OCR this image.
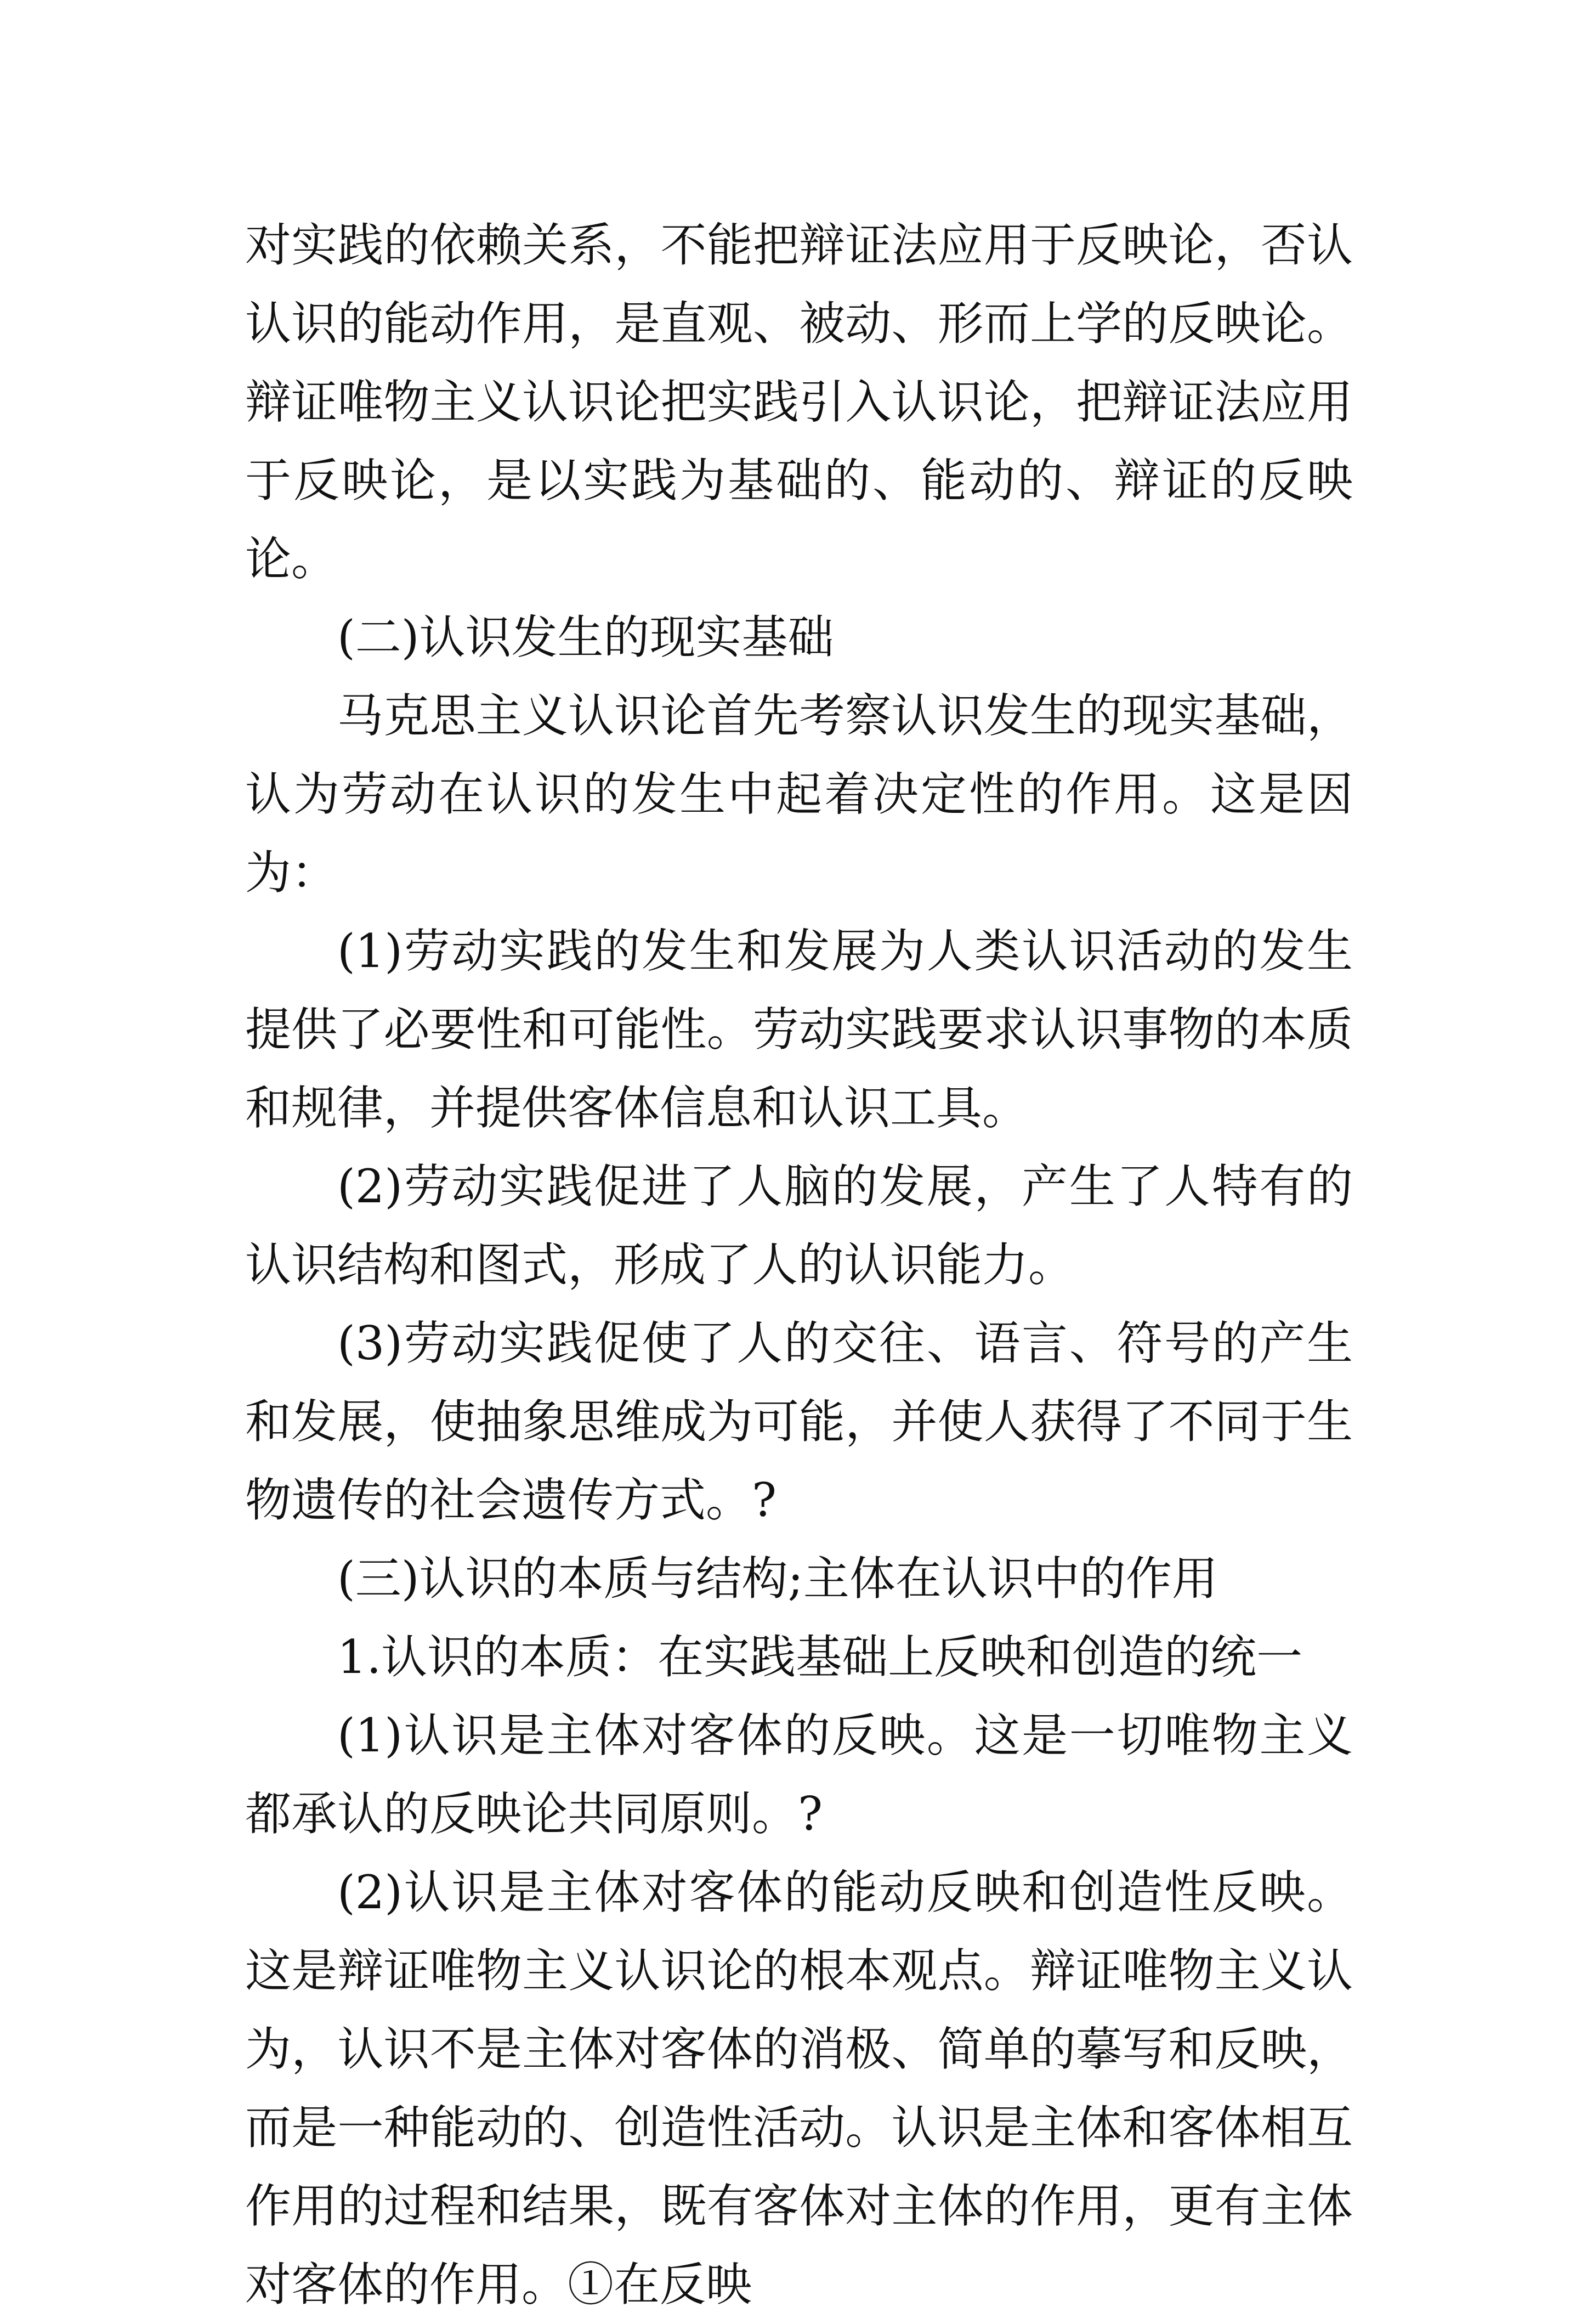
对实践的依赖关系，不能把辩证法应用于反映论，否认认识的能动作用，是直观、被动、形而上学的反映论。辩证唯物主义认识论把实践引入认识论，把辩证法应用于反映论，是以实践为基础的、能动的、辩证的反映论。

(二)认识发生的现实基础

马克思主义认识论首先考察认识发生的现实基础，认为劳动在认识的发生中起着决定性的作用。这是因为：

(1)劳动实践的发生和发展为人类认识活动的发生提供了必要性和可能性。劳动实践要求认识事物的本质和规律，并提供客体信息和认识工具。

(2)劳动实践促进了人脑的发展，产生了人特有的认识结构和图式，形成了人的认识能力。

(3)劳动实践促使了人的交往、语言、符号的产生和发展，使抽象思维成为可能，并使人获得了不同于生物遗传的社会遗传方式。?

(三)认识的本质与结构;主体在认识中的作用

1.认识的本质：在实践基础上反映和创造的统一

(1)认识是主体对客体的反映。这是一切唯物主义都承认的反映论共同原则。?

(2)认识是主体对客体的能动反映和创造性反映。这是辩证唯物主义认识论的根本观点。辩证唯物主义认为，认识不是主体对客体的消极、简单的摹写和反映，而是一种能动的、创造性活动。认识是主体和客体相互作用的过程和结果，既有客体对主体的作用，更有主体对客体的作用。①在反映
